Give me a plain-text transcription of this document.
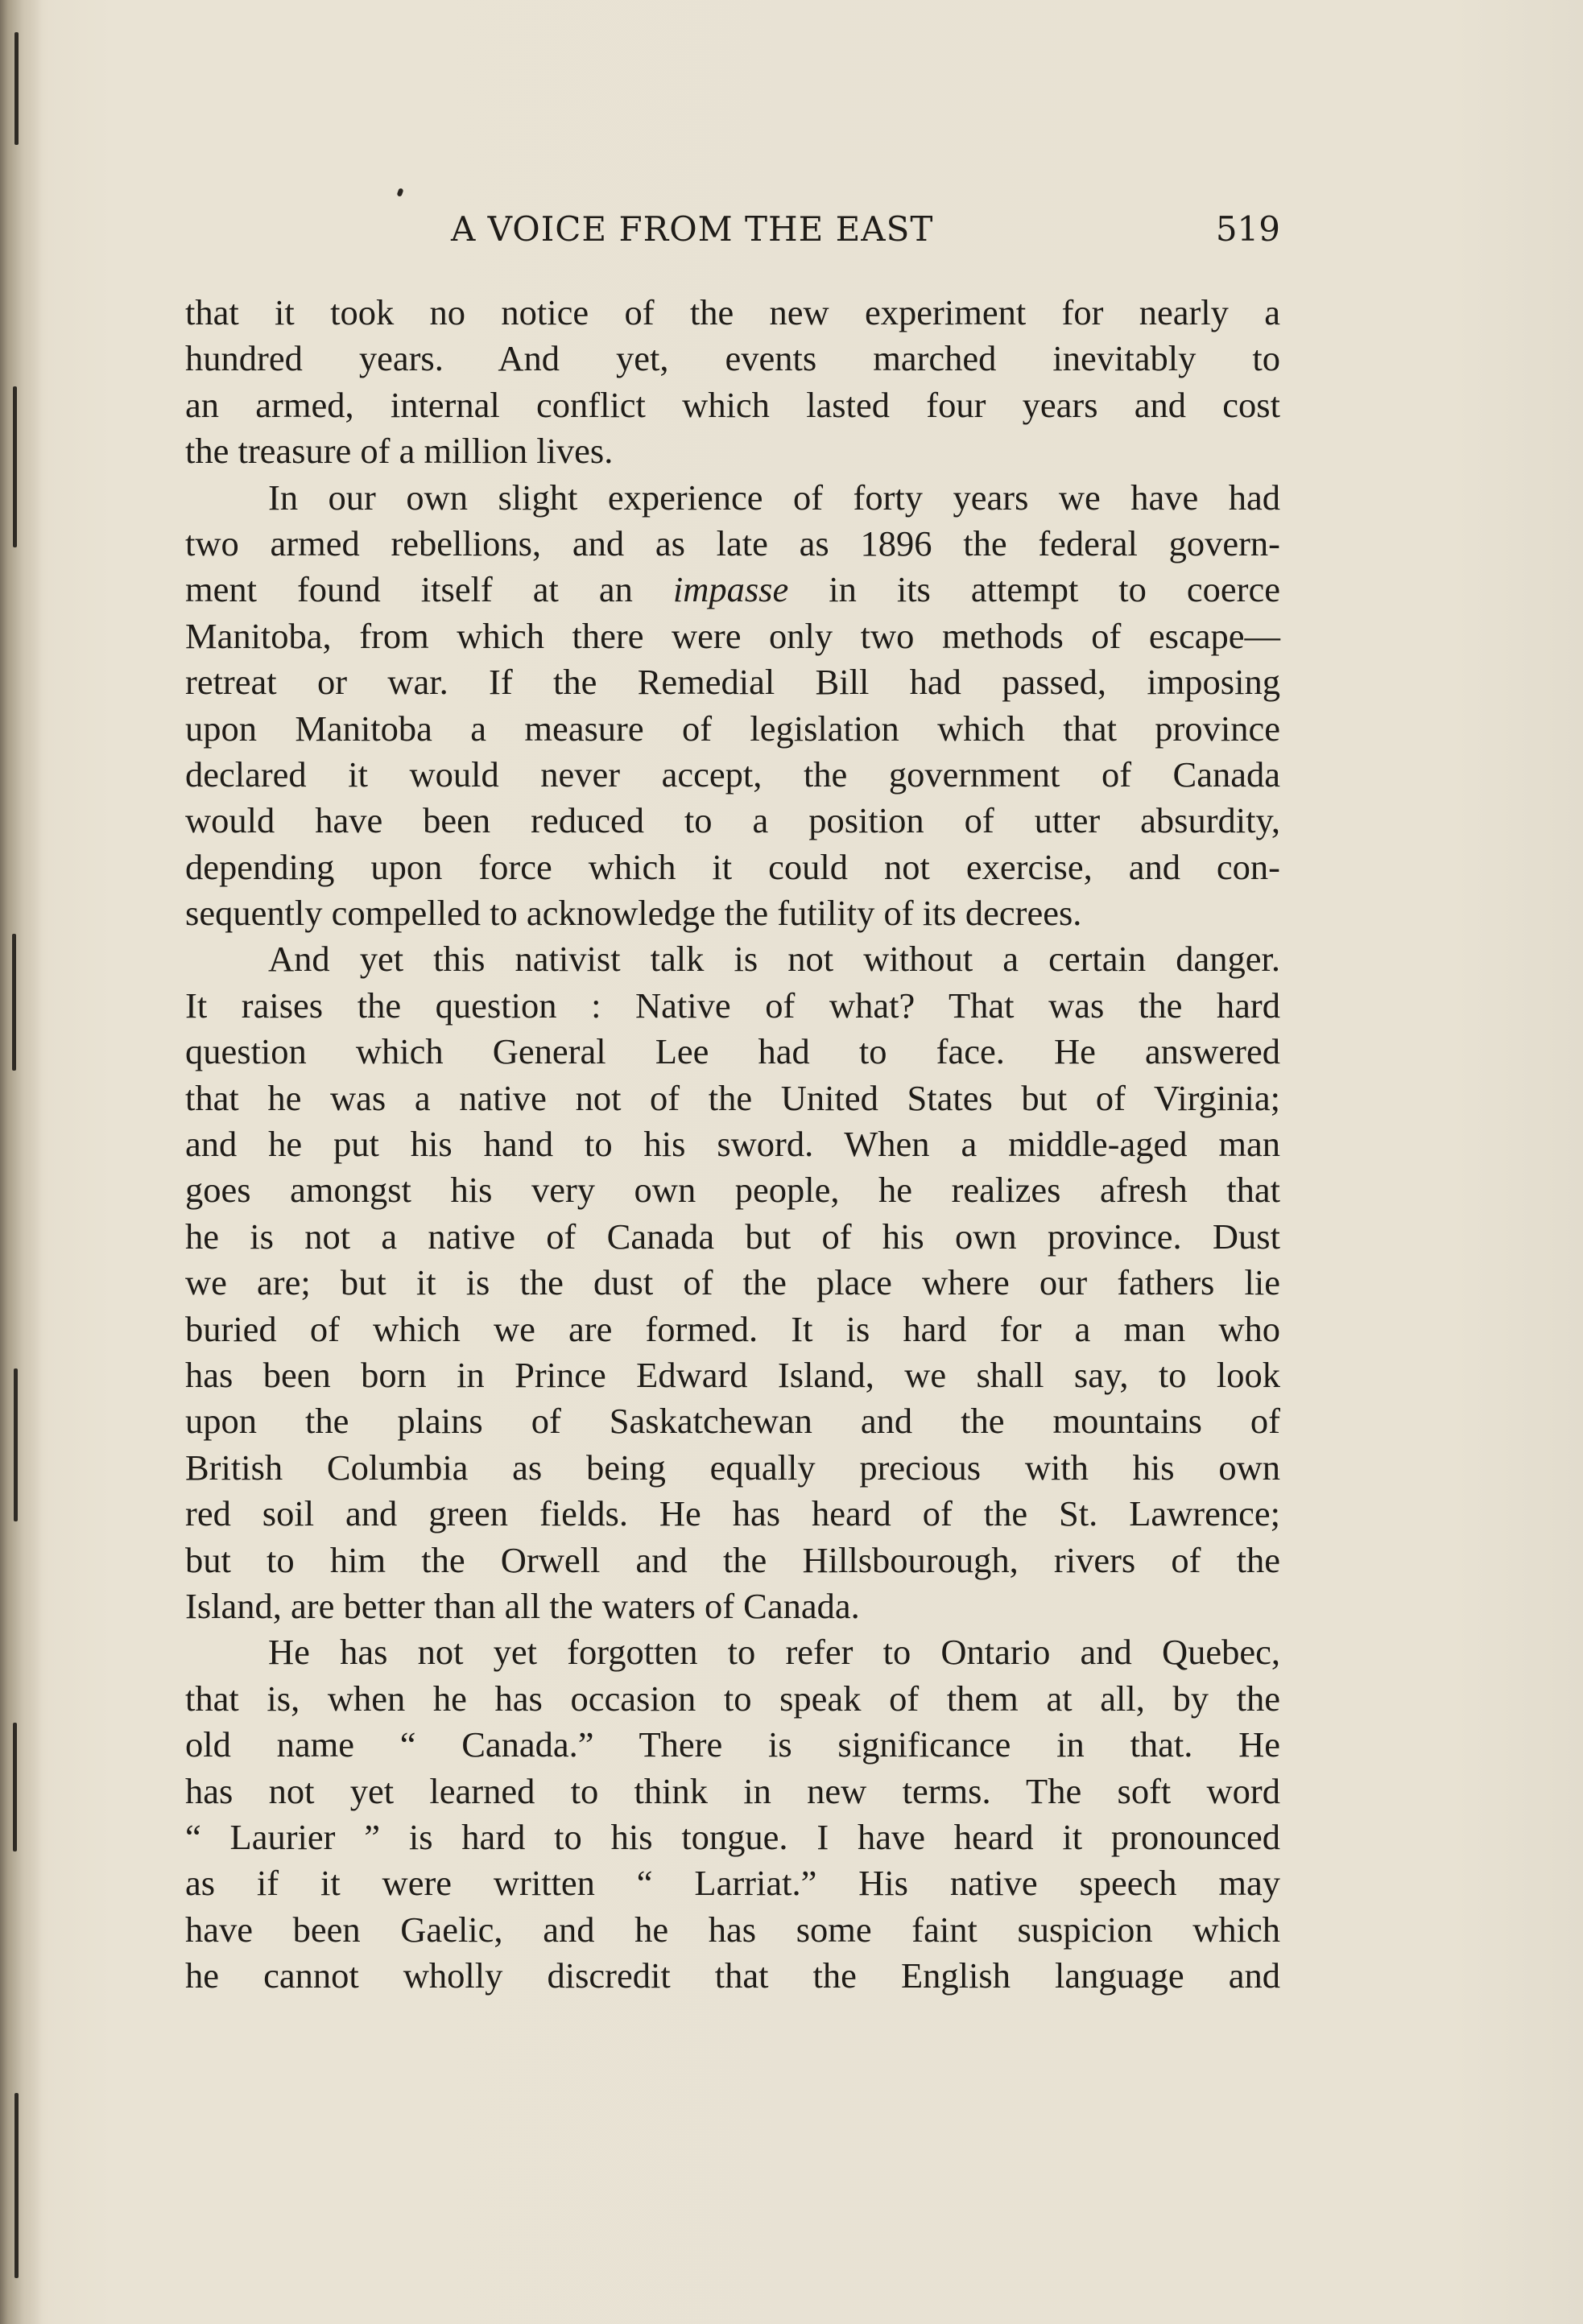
A VOICE FROM THE EAST	519
that it took no notice of the new experiment for nearly a
hundred years. And yet, events marched inevitably to
an armed, internal conflict which lasted four years and cost
the treasure of a million lives.
In our own slight experience of forty years we have had
two armed rebellions, and as late as 1896 the federal govern-
ment found itself at an impasse in its attempt to coerce
Manitoba, from which there were only two methods of escape—
retreat or war. If the Remedial Bill had passed, imposing
upon Manitoba a measure of legislation which that province
declared it would never accept, the government of Canada
would have been reduced to a position of utter absurdity,
depending upon force which it could not exercise, and con-
sequently compelled to acknowledge the futility of its decrees.
And yet this nativist talk is not without a certain danger.
It raises the question : Native of what? That was the hard
question which General Lee had to face. He answered
that he was a native not of the United States but of Virginia;
and he put his hand to his sword. When a middle-aged man
goes amongst his very own people, he realizes afresh that
he is not a native of Canada but of his own province. Dust
we are; but it is the dust of the place where our fathers lie
buried of which we are formed. It is hard for a man who
has been born in Prince Edward Island, we shall say, to look
upon the plains of Saskatchewan and the mountains of
British Columbia as being equally precious with his own
red soil and green fields. He has heard of the St. Lawrence;
but to him the Orwell and the Hillsbourough, rivers of the
Island, are better than all the waters of Canada.
He has not yet forgotten to refer to Ontario and Quebec,
that is, when he has occasion to speak of them at all, by the
old name “ Canada.” There is significance in that. He
has not yet learned to think in new terms. The soft word
“ Laurier ” is hard to his tongue. I have heard it pronounced
as if it were written “ Larriat.” His native speech may
have been Gaelic, and he has some faint suspicion which
he cannot wholly discredit that the English language and
